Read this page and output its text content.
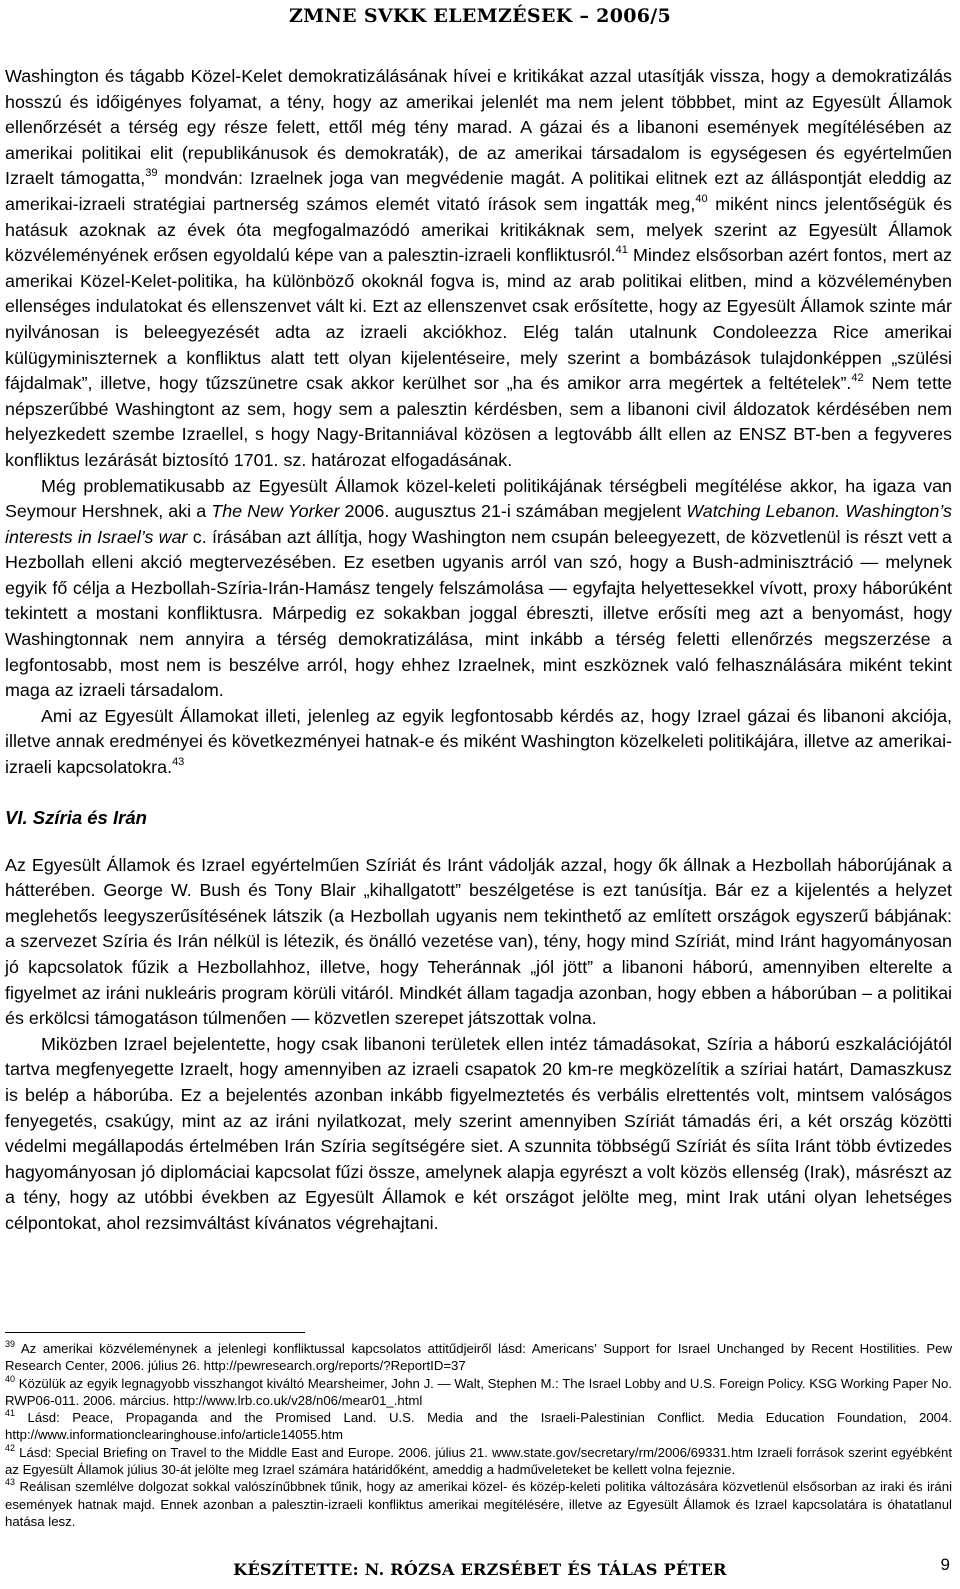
ZMNE SVKK ELEMZÉSEK – 2006/5

Washington és tágabb Közel-Kelet demokratizálásának hívei e kritikákat azzal utasítják vissza, hogy a demokratizálás hosszú és időigényes folyamat, a tény, hogy az amerikai jelenlét ma nem jelent többbet, mint az Egyesült Államok ellenőrzését a térség egy része felett, ettől még tény marad. A gázai és a libanoni események megítélésében az amerikai politikai elit (republikánusok és demokraták), de az amerikai társadalom is egységesen és egyértelműen Izraelt támogatta,$^{39}$ mondván: Izraelnek joga van megvédenie magát. A politikai elitnek ezt az álláspontját eleddig az amerikai-izraeli stratégiai partnerség számos elemét vitató írások sem ingatták meg,$^{40}$ miként nincs jelentőségük és hatásuk azoknak az évek óta megfogalmazódó amerikai kritikáknak sem, melyek szerint az Egyesült Államok közvéleményének erősen egyoldalú képe van a palesztin-izraeli konfliktusról.$^{41}$ Mindez elsősorban azért fontos, mert az amerikai Közel-Kelet-politika, ha különböző okoknál fogva is, mind az arab politikai elitben, mind a közvéleményben ellenséges indulatokat és ellenszenvet vált ki. Ezt az ellenszenvet csak erősítette, hogy az Egyesült Államok szinte már nyilvánosan is beleegyezését adta az izraeli akciókhoz. Elég talán utalnunk Condoleezza Rice amerikai külügyminiszternek a konfliktus alatt tett olyan kijelentéseire, mely szerint a bombázások tulajdonképpen „szülési fájdalmak”, illetve, hogy tűzszünetre csak akkor kerülhet sor „ha és amikor arra megértek a feltételek”.$^{42}$ Nem tette népszerűbbé Washingtont az sem, hogy sem a palesztin kérdésben, sem a libanoni civil áldozatok kérdésében nem helyezkedett szembe Izraellel, s hogy Nagy-Britanniával közösen a legtovább állt ellen az ENSZ BT-ben a fegyveres konfliktus lezárását biztosító 1701. sz. határozat elfogadásának.

Még problematikusabb az Egyesült Államok közel-keleti politikájának térségbeli megítélése akkor, ha igaza van Seymour Hershnek, aki a The New Yorker 2006. augusztus 21-i számában megjelent Watching Lebanon. Washington’s interests in Israel’s war c. írásában azt állítja, hogy Washington nem csupán beleegyezett, de közvetlenül is részt vett a Hezbollah elleni akció megtervezésében. Ez esetben ugyanis arról van szó, hogy a Bush-adminisztráció — melynek egyik fő célja a Hezbollah-Szíria-Irán-Hamász tengely felszámolása — egyfajta helyettesekkel vívott, proxy háborúként tekintett a mostani konfliktusra. Márpedig ez sokakban joggal ébreszti, illetve erősíti meg azt a benyomást, hogy Washingtonnak nem annyira a térség demokratizálása, mint inkább a térség feletti ellenőrzés megszerzése a legfontosabb, most nem is beszélve arról, hogy ehhez Izraelnek, mint eszköznek való felhasználására miként tekint maga az izraeli társadalom.

Ami az Egyesült Államokat illeti, jelenleg az egyik legfontosabb kérdés az, hogy Izrael gázai és libanoni akciója, illetve annak eredményei és következményei hatnak-e és miként Washington közelkeleti politikájára, illetve az amerikai-izraeli kapcsolatokra.$^{43}$

VI. Szíria és Irán

Az Egyesült Államok és Izrael egyértelműen Szíriát és Iránt vádolják azzal, hogy ők állnak a Hezbollah háborújának a hátterében. George W. Bush és Tony Blair „kihallgatott” beszélgetése is ezt tanúsítja. Bár ez a kijelentés a helyzet meglehetős leegyszerűsítésének látszik (a Hezbollah ugyanis nem tekinthető az említett országok egyszerű bábjának: a szervezet Szíria és Irán nélkül is létezik, és önálló vezetése van), tény, hogy mind Szíriát, mind Iránt hagyományosan jó kapcsolatok fűzik a Hezbollahhoz, illetve, hogy Teheránnak „jól jött” a libanoni háború, amennyiben elterelte a figyelmet az iráni nukleáris program körüli vitáról. Mindkét állam tagadja azonban, hogy ebben a háborúban – a politikai és erkölcsi támogatáson túlmenően — közvetlen szerepet játszottak volna.

Miközben Izrael bejelentette, hogy csak libanoni területek ellen intéz támadásokat, Szíria a háború eszkalációjától tartva megfenyegette Izraelt, hogy amennyiben az izraeli csapatok 20 km-re megközelítik a szíriai határt, Damaszkusz is belép a háborúba. Ez a bejelentés azonban inkább figyelmeztetés és verbális elrettentés volt, mintsem valóságos fenyegetés, csakúgy, mint az az iráni nyilatkozat, mely szerint amennyiben Szíriát támadás éri, a két ország közötti védelmi megállapodás értelmében Irán Szíria segítségére siet. A szunnita többségű Szíriát és síita Iránt több évtizedes hagyományosan jó diplomáciai kapcsolat fűzi össze, amelynek alapja egyrészt a volt közös ellenség (Irak), másrészt az a tény, hogy az utóbbi években az Egyesült Államok e két országot jelölte meg, mint Irak utáni olyan lehetséges célpontokat, ahol rezsimváltást kívánatos végrehajtani.

$^{39}$ Az amerikai közvéleménynek a jelenlegi konfliktussal kapcsolatos attitűdjeiről lásd: Americans’ Support for Israel Unchanged by Recent Hostilities. Pew Research Center, 2006. július 26. http://pewresearch.org/reports/?ReportID=37

$^{40}$ Közülük az egyik legnagyobb visszhangot kiváltó Mearsheimer, John J. — Walt, Stephen M.: The Israel Lobby and U.S. Foreign Policy. KSG Working Paper No. RWP06-011. 2006. március. http://www.lrb.co.uk/v28/n06/mear01_.html

$^{41}$ Lásd: Peace, Propaganda and the Promised Land. U.S. Media and the Israeli-Palestinian Conflict. Media Education Foundation, 2004. http://www.informationclearinghouse.info/article14055.htm

$^{42}$ Lásd: Special Briefing on Travel to the Middle East and Europe. 2006. július 21. www.state.gov/secretary/rm/2006/69331.htm Izraeli források szerint egyébként az Egyesült Államok július 30-át jelölte meg Izrael számára határidőként, ameddig a hadműveleteket be kellett volna fejeznie.

$^{43}$ Reálisan szemlélve dolgozat sokkal valószínűbbnek tűnik, hogy az amerikai közel- és közép-keleti politika változására közvetlenül elsősorban az iraki és iráni események hatnak majd. Ennek azonban a palesztin-izraeli konfliktus amerikai megítélésére, illetve az Egyesült Államok és Izrael kapcsolatára is óhatatlanul hatása lesz.

KÉSZÍTETTE: N. RÓZSA ERZSÉBET ÉS TÁLAS PÉTER	9
